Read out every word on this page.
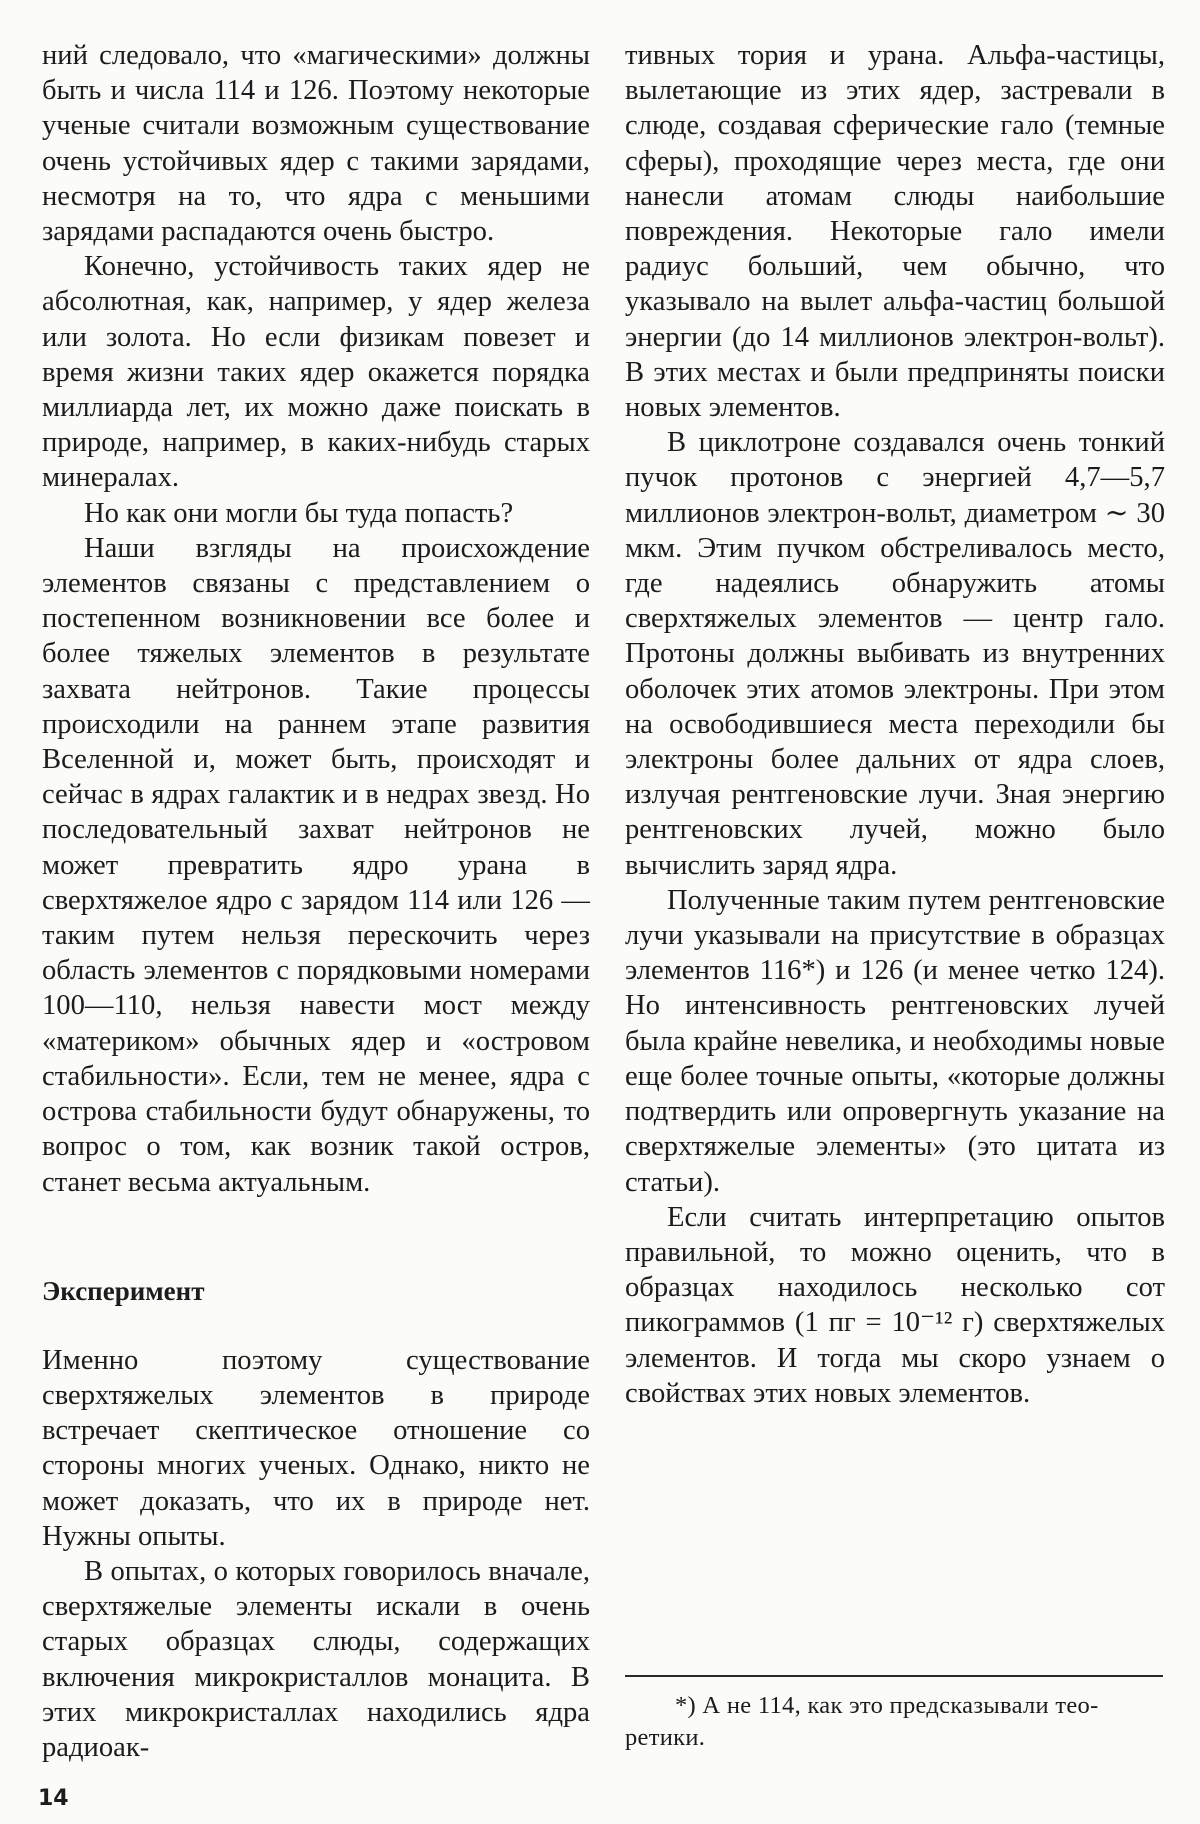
ний следовало, что «магическими» должны быть и числа 114 и 126. Поэтому некоторые ученые считали возможным существование очень устойчивых ядер с такими зарядами, несмотря на то, что ядра с меньшими зарядами распадаются очень быстро.

Конечно, устойчивость таких ядер не абсолютная, как, например, у ядер железа или золота. Но если физикам повезет и время жизни таких ядер окажется порядка миллиарда лет, их можно даже поискать в природе, например, в каких-нибудь старых минералах.

Но как они могли бы туда попасть?

Наши взгляды на происхождение элементов связаны с представлением о постепенном возникновении все более и более тяжелых элементов в результате захвата нейтронов. Такие процессы происходили на раннем этапе развития Вселенной и, может быть, происходят и сейчас в ядрах галактик и в недрах звезд. Но последовательный захват нейтронов не может превратить ядро урана в сверхтяжелое ядро с зарядом 114 или 126 — таким путем нельзя перескочить через область элементов с порядковыми номерами 100—110, нельзя навести мост между «материком» обычных ядер и «островом стабильности». Если, тем не менее, ядра с острова стабильности будут обнаружены, то вопрос о том, как возник такой остров, станет весьма актуальным.

Эксперимент

Именно поэтому существование сверхтяжелых элементов в природе встречает скептическое отношение со стороны многих ученых. Однако, никто не может доказать, что их в природе нет. Нужны опыты.

В опытах, о которых говорилось вначале, сверхтяжелые элементы искали в очень старых образцах слюды, содержащих включения микрокристаллов монацита. В этих микрокристаллах находились ядра радиоак-

тивных тория и урана. Альфа-частицы, вылетающие из этих ядер, застревали в слюде, создавая сферические гало (темные сферы), проходящие через места, где они нанесли атомам слюды наибольшие повреждения. Некоторые гало имели радиус больший, чем обычно, что указывало на вылет альфа-частиц большой энергии (до 14 миллионов электрон-вольт). В этих местах и были предприняты поиски новых элементов.

В циклотроне создавался очень тонкий пучок протонов с энергией 4,7—5,7 миллионов электрон-вольт, диаметром ∼ 30 мкм. Этим пучком обстреливалось место, где надеялись обнаружить атомы сверхтяжелых элементов — центр гало. Протоны должны выбивать из внутренних оболочек этих атомов электроны. При этом на освободившиеся места переходили бы электроны более дальних от ядра слоев, излучая рентгеновские лучи. Зная энергию рентгеновских лучей, можно было вычислить заряд ядра.

Полученные таким путем рентгеновские лучи указывали на присутствие в образцах элементов 116*) и 126 (и менее четко 124). Но интенсивность рентгеновских лучей была крайне невелика, и необходимы новые еще более точные опыты, «которые должны подтвердить или опровергнуть указание на сверхтяжелые элементы» (это цитата из статьи).

Если считать интерпретацию опытов правильной, то можно оценить, что в образцах находилось несколько сот пикограммов (1 пг = 10⁻¹² г) сверхтяжелых элементов. И тогда мы скоро узнаем о свойствах этих новых элементов.

*) А не 114, как это предсказывали тео-
ретики.
14
